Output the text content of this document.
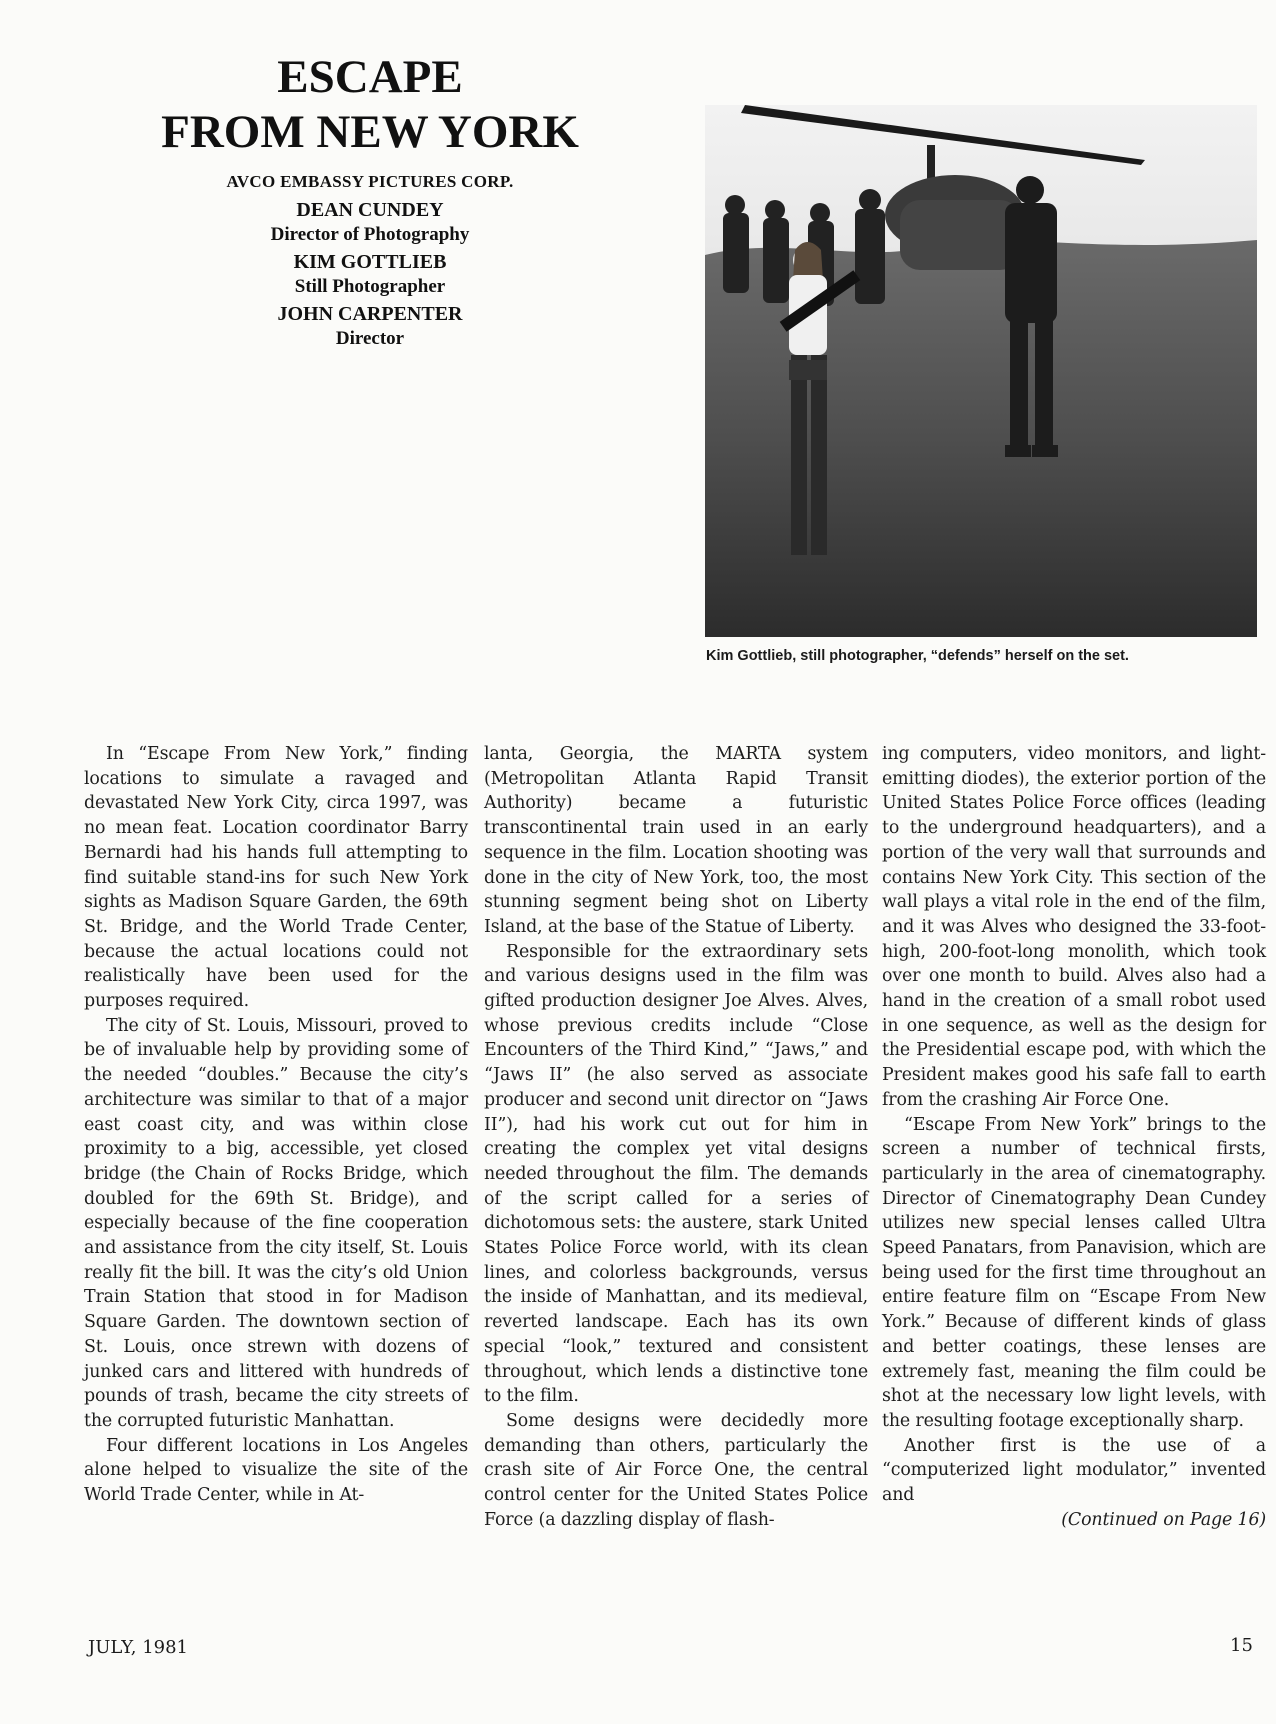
ESCAPE
FROM NEW YORK
AVCO EMBASSY PICTURES CORP.
DEAN CUNDEY
Director of Photography
KIM GOTTLIEB
Still Photographer
JOHN CARPENTER
Director
Kim Gottlieb, still photographer, “defends” herself on the set.

In “Escape From New York,” finding locations to simulate a ravaged and devastated New York City, circa 1997, was no mean feat. Location coordinator Barry Bernardi had his hands full attempting to find suitable stand-ins for such New York sights as Madison Square Garden, the 69th St. Bridge, and the World Trade Center, because the actual locations could not realistically have been used for the purposes required.

The city of St. Louis, Missouri, proved to be of invaluable help by providing some of the needed “doubles.” Because the city’s architecture was similar to that of a major east coast city, and was within close proximity to a big, accessible, yet closed bridge (the Chain of Rocks Bridge, which doubled for the 69th St. Bridge), and especially because of the fine cooperation and assistance from the city itself, St. Louis really fit the bill. It was the city’s old Union Train Station that stood in for Madison Square Garden. The downtown section of St. Louis, once strewn with dozens of junked cars and littered with hundreds of pounds of trash, became the city streets of the corrupted futuristic Manhattan.

Four different locations in Los Angeles alone helped to visualize the site of the World Trade Center, while in At-

lanta, Georgia, the MARTA system (Metropolitan Atlanta Rapid Transit Authority) became a futuristic transcontinental train used in an early sequence in the film. Location shooting was done in the city of New York, too, the most stunning segment being shot on Liberty Island, at the base of the Statue of Liberty.

Responsible for the extraordinary sets and various designs used in the film was gifted production designer Joe Alves. Alves, whose previous credits include “Close Encounters of the Third Kind,” “Jaws,” and “Jaws II” (he also served as associate producer and second unit director on “Jaws II”), had his work cut out for him in creating the complex yet vital designs needed throughout the film. The demands of the script called for a series of dichotomous sets: the austere, stark United States Police Force world, with its clean lines, and colorless backgrounds, versus the inside of Manhattan, and its medieval, reverted landscape. Each has its own special “look,” textured and consistent throughout, which lends a distinctive tone to the film.

Some designs were decidedly more demanding than others, particularly the crash site of Air Force One, the central control center for the United States Police Force (a dazzling display of flash-

ing computers, video monitors, and light-emitting diodes), the exterior portion of the United States Police Force offices (leading to the underground headquarters), and a portion of the very wall that surrounds and contains New York City. This section of the wall plays a vital role in the end of the film, and it was Alves who designed the 33-foot-high, 200-foot-long monolith, which took over one month to build. Alves also had a hand in the creation of a small robot used in one sequence, as well as the design for the Presidential escape pod, with which the President makes good his safe fall to earth from the crashing Air Force One.

“Escape From New York” brings to the screen a number of technical firsts, particularly in the area of cinematography. Director of Cinematography Dean Cundey utilizes new special lenses called Ultra Speed Panatars, from Panavision, which are being used for the first time throughout an entire feature film on “Escape From New York.” Because of different kinds of glass and better coatings, these lenses are extremely fast, meaning the film could be shot at the necessary low light levels, with the resulting footage exceptionally sharp.

Another first is the use of a “computerized light modulator,” invented and

(Continued on Page 16)
JULY, 1981	15
